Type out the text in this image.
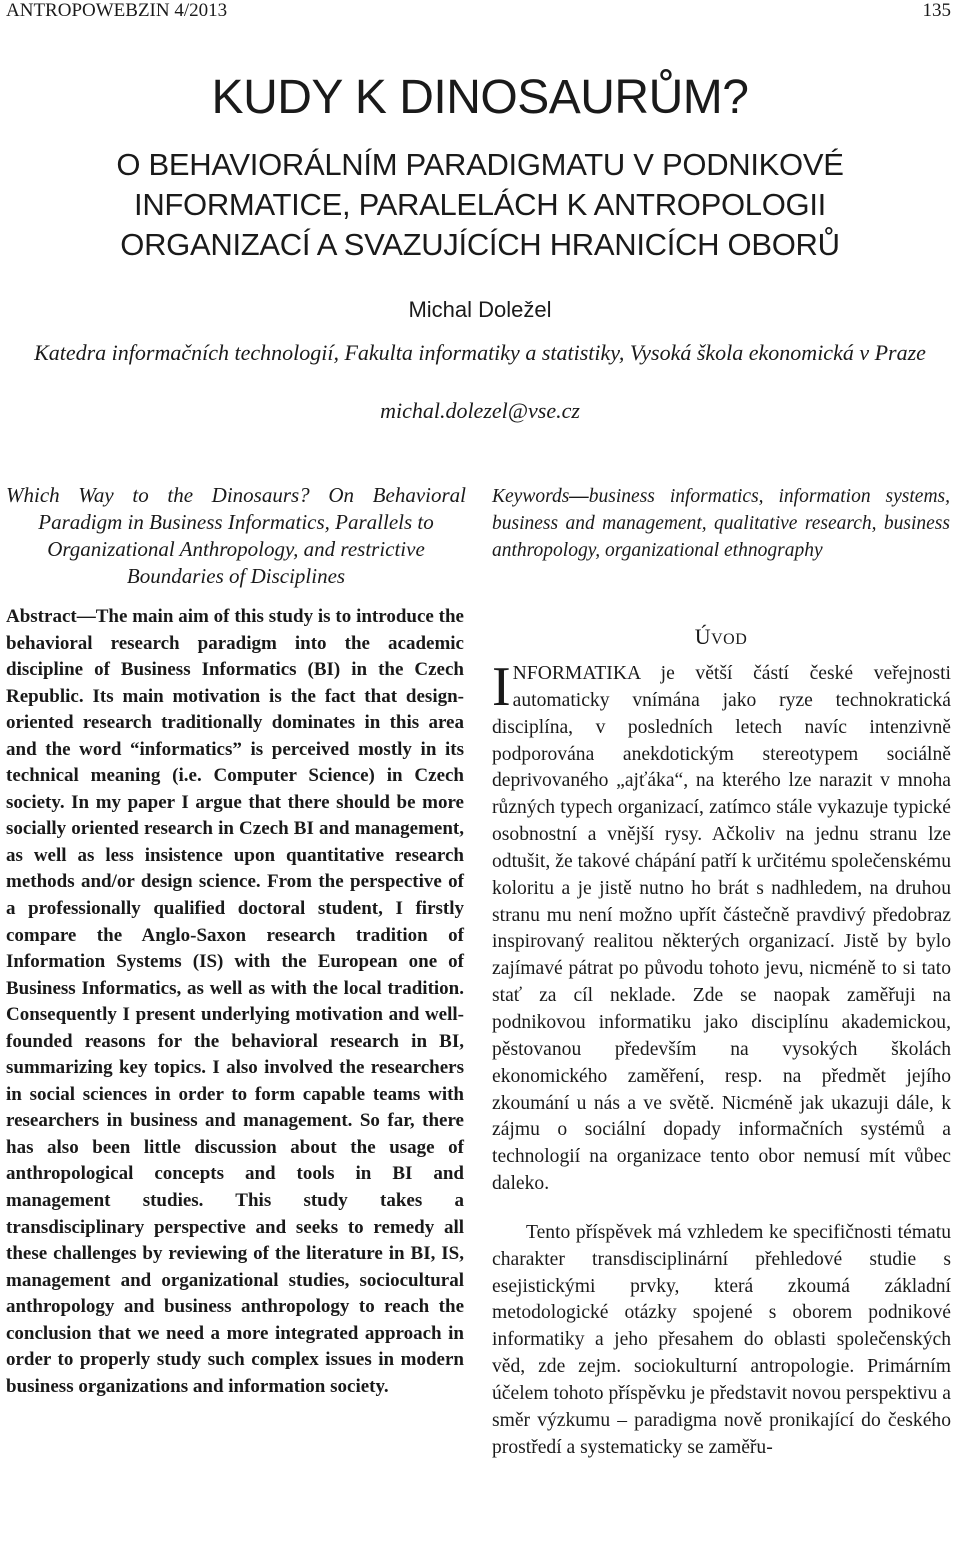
ANTROPOWEBZIN 4/2013	135
KUDY K DINOSAURŮM?
O BEHAVIORÁLNÍM PARADIGMATU V PODNIKOVÉ
INFORMATICE, PARALELÁCH K ANTROPOLOGII
ORGANIZACÍ A SVAZUJÍCÍCH HRANICÍCH OBORŮ
Michal Doležel
Katedra informačních technologií, Fakulta informatiky a statistiky, Vysoká škola ekonomická v Praze
michal.dolezel@vse.cz
Which Way to the Dinosaurs? On Behavioral
Paradigm in Business Informatics, Parallels to Organizational Anthropology, and restrictive Boundaries of Disciplines
Keywords—business informatics, information systems, business and management, qualitative research, business anthropology, organizational ethnography
Abstract—The main aim of this study is to introduce the behavioral research paradigm into the academic discipline of Business Informatics (BI) in the Czech Republic. Its main motivation is the fact that design-oriented research traditionally dominates in this area and the word “informatics” is perceived mostly in its technical meaning (i.e. Computer Science) in Czech society. In my paper I argue that there should be more socially oriented research in Czech BI and management, as well as less insistence upon quantitative research methods and/or design science. From the perspective of a professionally qualified doctoral student, I firstly compare the Anglo-Saxon research tradition of Information Systems (IS) with the European one of Business Informatics, as well as with the local tradition. Consequently I present underlying motivation and well-founded reasons for the behavioral research in BI, summarizing key topics. I also involved the researchers in social sciences in order to form capable teams with researchers in business and management. So far, there has also been little discussion about the usage of anthropological concepts and tools in BI and management studies. This study takes a transdisciplinary perspective and seeks to remedy all these challenges by reviewing of the literature in BI, IS, management and organizational studies, sociocultural anthropology and business anthropology to reach the conclusion that we need a more integrated approach in order to properly study such complex issues in modern business organizations and information society.
ÚVOD

INFORMATIKA je větší částí české veřejnosti automaticky vnímána jako ryze technokratická disciplína, v posledních letech navíc intenzivně podporována anekdotickým stereotypem sociálně deprivovaného „ajťáka“, na kterého lze narazit v mnoha různých typech organizací, zatímco stále vykazuje typické osobnostní a vnější rysy. Ačkoliv na jednu stranu lze odtušit, že takové chápání patří k určitému společenskému koloritu a je jistě nutno ho brát s nadhledem, na druhou stranu mu není možno upřít částečně pravdivý předobraz inspirovaný realitou některých organizací. Jistě by bylo zajímavé pátrat po původu tohoto jevu, nicméně to si tato stať za cíl neklade. Zde se naopak zaměřuji na podnikovou informatiku jako disciplínu akademickou, pěstovanou především na vysokých školách ekonomického zaměření, resp. na předmět jejího zkoumání u nás a ve světě. Nicméně jak ukazuji dále, k zájmu o sociální dopady informačních systémů a technologií na organizace tento obor nemusí mít vůbec daleko.

Tento příspěvek má vzhledem ke specifičnosti tématu charakter transdisciplinární přehledové studie s esejistickými prvky, která zkoumá základní metodologické otázky spojené s oborem podnikové informatiky a jeho přesahem do oblasti společenských věd, zde zejm. sociokulturní antropologie. Primárním účelem tohoto příspěvku je představit novou perspektivu a směr výzkumu – paradigma nově pronikající do českého prostředí a systematicky se zaměřu-
